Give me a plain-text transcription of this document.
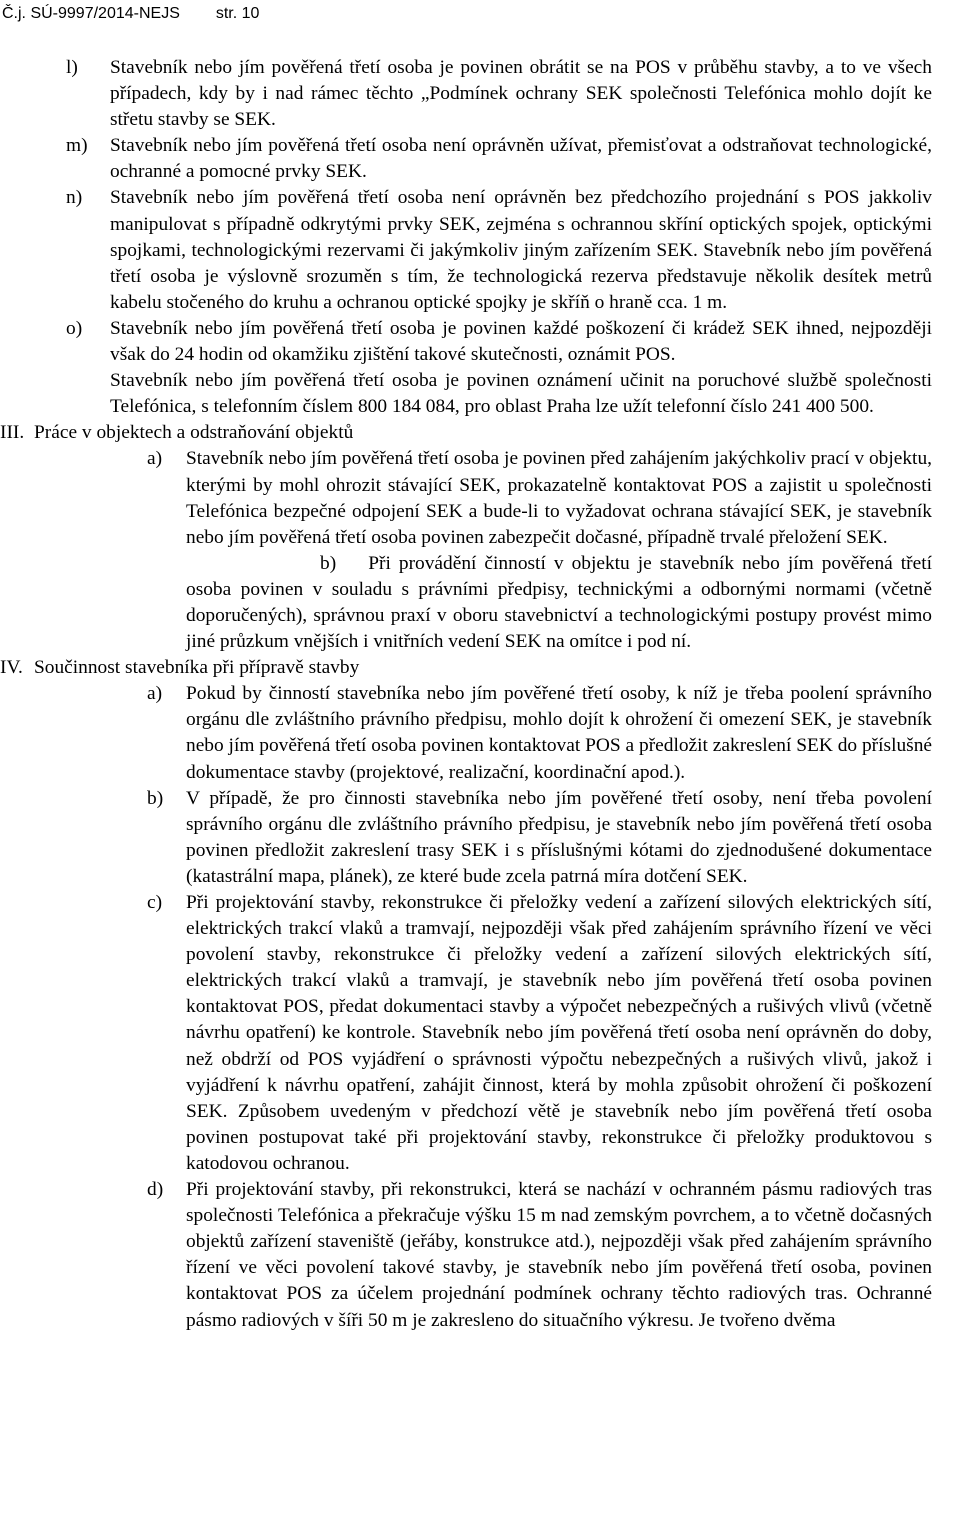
Č.j. SÚ-9997/2014-NEJS str. 10
l) Stavebník nebo jím pověřená třetí osoba je povinen obrátit se na POS v průběhu stavby, a to ve všech případech, kdy by i nad rámec těchto „Podmínek ochrany SEK společnosti Telefónica mohlo dojít ke střetu stavby se SEK.
m) Stavebník nebo jím pověřená třetí osoba není oprávněn užívat, přemisťovat a odstraňovat technologické, ochranné a pomocné prvky SEK.
n) Stavebník nebo jím pověřená třetí osoba není oprávněn bez předchozího projednání s POS jakkoliv manipulovat s případně odkrytými prvky SEK, zejména s ochrannou skříní optických spojek, optickými spojkami, technologickými rezervami či jakýmkoliv jiným zařízením SEK. Stavebník nebo jím pověřená třetí osoba je výslovně srozuměn s tím, že technologická rezerva představuje několik desítek metrů kabelu stočeného do kruhu a ochranou optické spojky je skříň o hraně cca. 1 m.
o) Stavebník nebo jím pověřená třetí osoba je povinen každé poškození či krádež SEK ihned, nejpozději však do 24 hodin od okamžiku zjištění takové skutečnosti, oznámit POS.
Stavebník nebo jím pověřená třetí osoba je povinen oznámení učinit na poruchové službě společnosti Telefónica, s telefonním číslem 800 184 084, pro oblast Praha lze užít telefonní číslo 241 400 500.
III. Práce v objektech a odstraňování objektů
a) Stavebník nebo jím pověřená třetí osoba je povinen před zahájením jakýchkoliv prací v objektu, kterými by mohl ohrozit stávající SEK, prokazatelně kontaktovat POS a zajistit u společnosti Telefónica bezpečné odpojení SEK a bude-li to vyžadovat ochrana stávající SEK, je stavebník nebo jím pověřená třetí osoba povinen zabezpečit dočasné, případně trvalé přeložení SEK.
b) Při provádění činností v objektu je stavebník nebo jím pověřená třetí osoba povinen v souladu s právními předpisy, technickými a odbornými normami (včetně doporučených), správnou praxí v oboru stavebnictví a technologickými postupy provést mimo jiné průzkum vnějších i vnitřních vedení SEK na omítce i pod ní.
IV. Součinnost stavebníka při přípravě stavby
a) Pokud by činností stavebníka nebo jím pověřené třetí osoby, k níž je třeba poolení správního orgánu dle zvláštního právního předpisu, mohlo dojít k ohrožení či omezení SEK, je stavebník nebo jím pověřená třetí osoba povinen kontaktovat POS a předložit zakreslení SEK do příslušné dokumentace stavby (projektové, realizační, koordinační apod.).
b) V případě, že pro činnosti stavebníka nebo jím pověřené třetí osoby, není třeba povolení správního orgánu dle zvláštního právního předpisu, je stavebník nebo jím pověřená třetí osoba povinen předložit zakreslení trasy SEK i s příslušnými kótami do zjednodušené dokumentace (katastrální mapa, plánek), ze které bude zcela patrná míra dotčení SEK.
c) Při projektování stavby, rekonstrukce či přeložky vedení a zařízení silových elektrických sítí, elektrických trakcí vlaků a tramvají, nejpozději však před zahájením správního řízení ve věci povolení stavby, rekonstrukce či přeložky vedení a zařízení silových elektrických sítí, elektrických trakcí vlaků a tramvají, je stavebník nebo jím pověřená třetí osoba povinen kontaktovat POS, předat dokumentaci stavby a výpočet nebezpečných a rušivých vlivů (včetně návrhu opatření) ke kontrole. Stavebník nebo jím pověřená třetí osoba není oprávněn do doby, než obdrží od POS vyjádření o správnosti výpočtu nebezpečných a rušivých vlivů, jakož i vyjádření k návrhu opatření, zahájit činnost, která by mohla způsobit ohrožení či poškození SEK. Způsobem uvedeným v předchozí větě je stavebník nebo jím pověřená třetí osoba povinen postupovat také při projektování stavby, rekonstrukce či přeložky produktovou s katodovou ochranou.
d) Při projektování stavby, při rekonstrukci, která se nachází v ochranném pásmu radiových tras společnosti Telefónica a překračuje výšku 15 m nad zemským povrchem, a to včetně dočasných objektů zařízení staveniště (jeřáby, konstrukce atd.), nejpozději však před zahájením správního řízení ve věci povolení takové stavby, je stavebník nebo jím pověřená třetí osoba, povinen kontaktovat POS za účelem projednání podmínek ochrany těchto radiových tras. Ochranné pásmo radiových v šíři 50 m je zakreslenо do situačního výkresu. Je tvořeno dvěma
